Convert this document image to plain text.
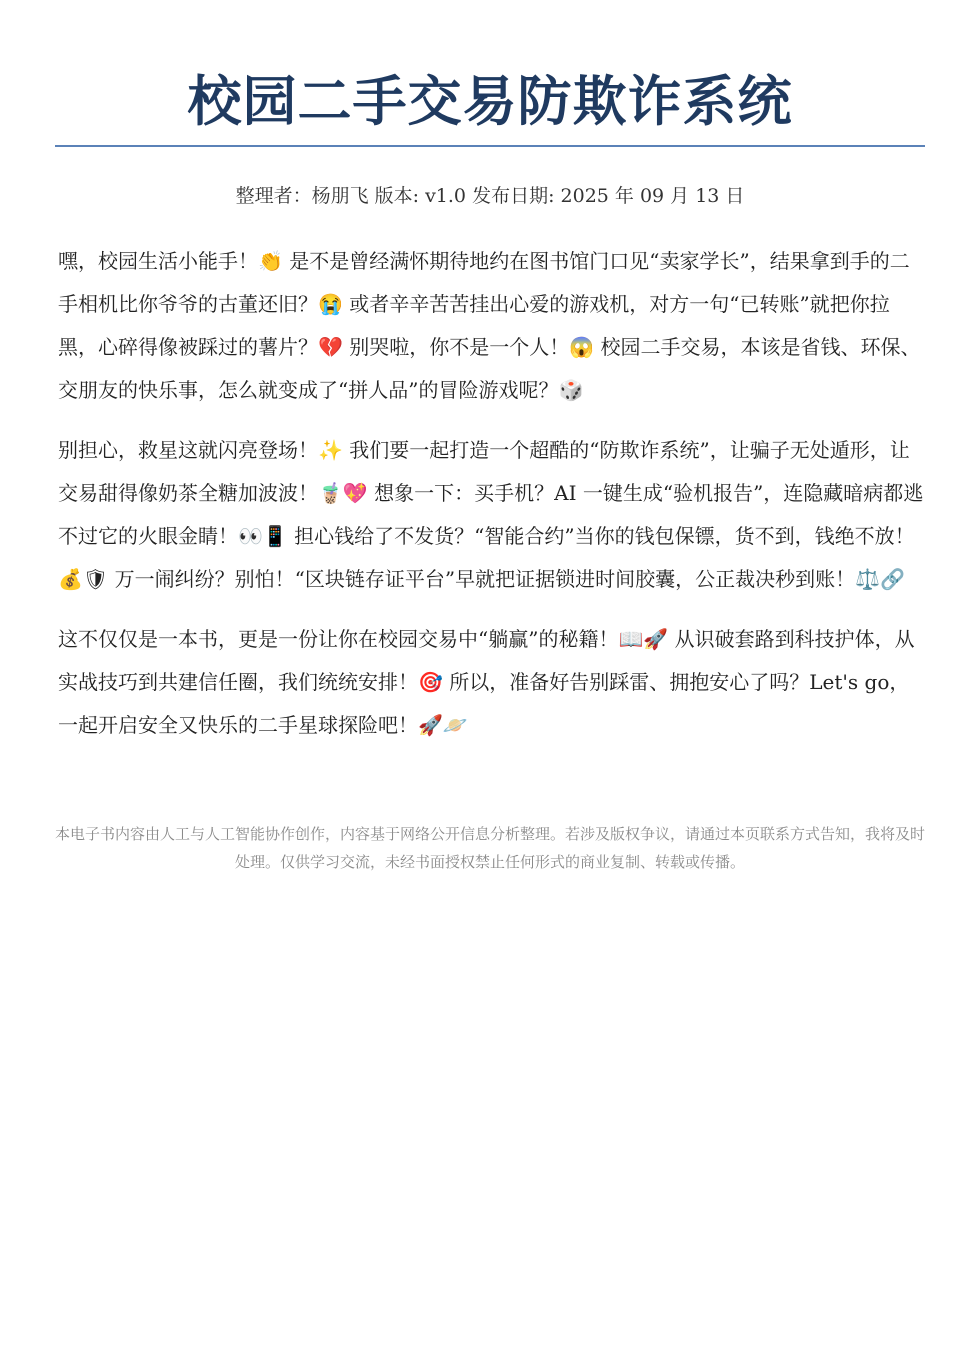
校园二手交易防欺诈系统
整理者：杨朋飞 版本: v1.0 发布日期: 2025 年 09 月 13 日

嘿，校园生活小能手！👏 是不是曾经满怀期待地约在图书馆门口见“卖家学长”，结果拿到手的二手相机比你爷爷的古董还旧？😭 或者辛辛苦苦挂出心爱的游戏机，对方一句“已转账”就把你拉黑，心碎得像被踩过的薯片？💔 别哭啦，你不是一个人！😱 校园二手交易，本该是省钱、环保、交朋友的快乐事，怎么就变成了“拼人品”的冒险游戏呢？🎲

别担心，救星这就闪亮登场！✨ 我们要一起打造一个超酷的“防欺诈系统”，让骗子无处遁形，让交易甜得像奶茶全糖加波波！🧋💖 想象一下：买手机？AI 一键生成“验机报告”，连隐藏暗病都逃不过它的火眼金睛！👀📱 担心钱给了不发货？“智能合约”当你的钱包保镖，货不到，钱绝不放！💰🛡 万一闹纠纷？别怕！“区块链存证平台”早就把证据锁进时间胶囊，公正裁决秒到账！⚖️🔗

这不仅仅是一本书，更是一份让你在校园交易中“躺赢”的秘籍！📖🚀 从识破套路到科技护体，从实战技巧到共建信任圈，我们统统安排！🎯 所以，准备好告别踩雷、拥抱安心了吗？Let's go，一起开启安全又快乐的二手星球探险吧！🚀🪐

本电子书内容由人工与人工智能协作创作，内容基于网络公开信息分析整理。若涉及版权争议，请通过本页联系方式告知，我将及时处理。仅供学习交流，未经书面授权禁止任何形式的商业复制、转载或传播。
